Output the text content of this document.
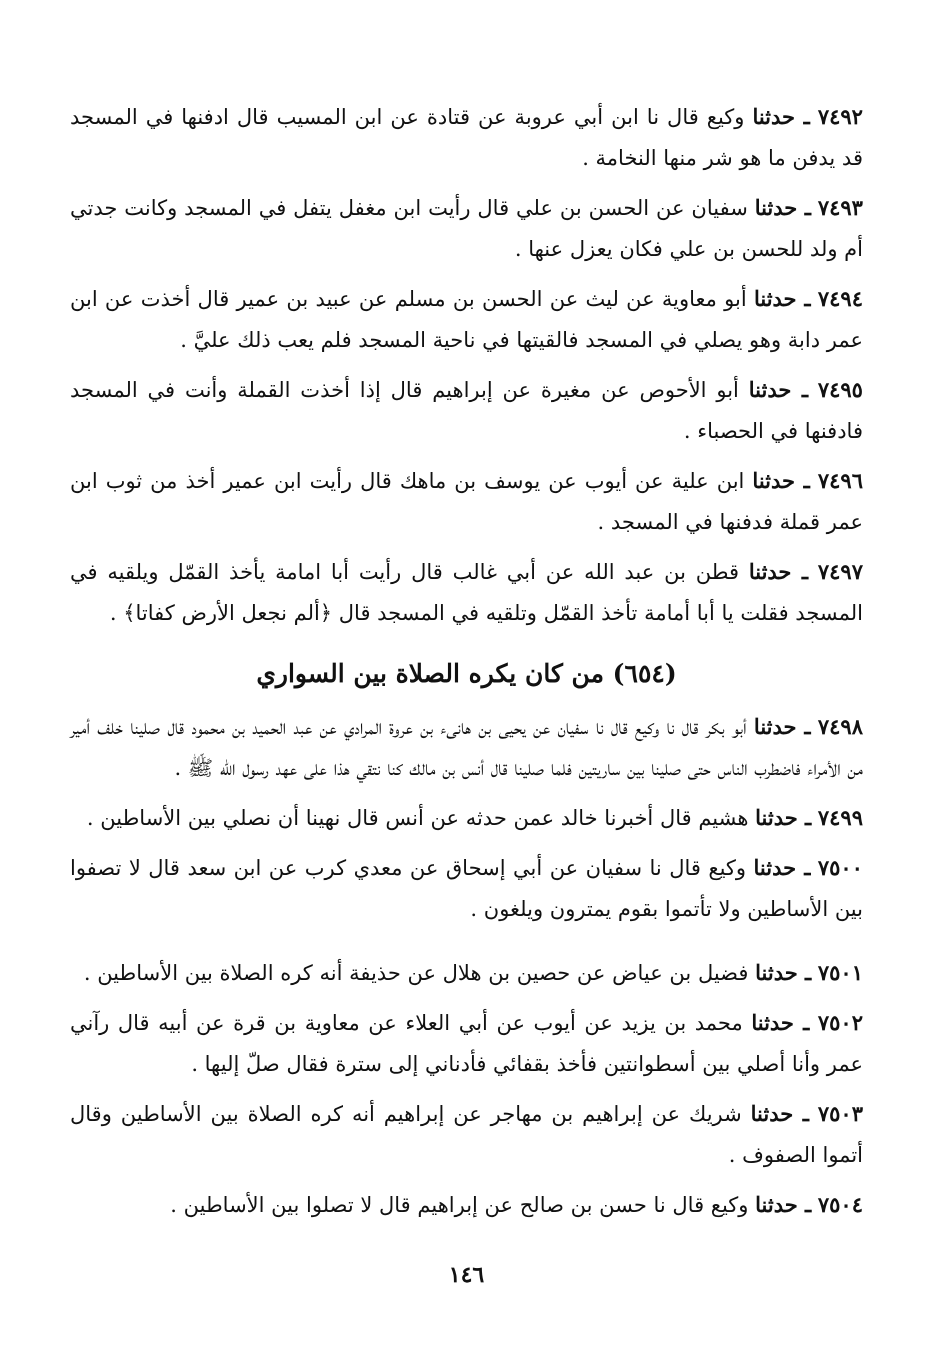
٧٤٩٢ ـ حدثنا وكيع قال نا ابن أبي عروبة عن قتادة عن ابن المسيب قال ادفنها في المسجد قد يدفن ما هو شر منها النخامة .

٧٤٩٣ ـ حدثنا سفيان عن الحسن بن علي قال رأيت ابن مغفل يتفل في المسجد وكانت جدتي أم ولد للحسن بن علي فكان يعزل عنها .

٧٤٩٤ ـ حدثنا أبو معاوية عن ليث عن الحسن بن مسلم عن عبيد بن عمير قال أخذت عن ابن عمر دابة وهو يصلي في المسجد فالقيتها في ناحية المسجد فلم يعب ذلك عليَّ .

٧٤٩٥ ـ حدثنا أبو الأحوص عن مغيرة عن إبراهيم قال إذا أخذت القملة وأنت في المسجد فادفنها في الحصباء .

٧٤٩٦ ـ حدثنا ابن علية عن أيوب عن يوسف بن ماهك قال رأيت ابن عمير أخذ من ثوب ابن عمر قملة فدفنها في المسجد .

٧٤٩٧ ـ حدثنا قطن بن عبد الله عن أبي غالب قال رأيت أبا امامة يأخذ القمّل ويلقيه في المسجد فقلت يا أبا أمامة تأخذ القمّل وتلقيه في المسجد قال ﴿ألم نجعل الأرض كفاتا﴾ .

(٦٥٤) من كان يكره الصلاة بين السواري

٧٤٩٨ ـ حدثنا أبو بكر قال نا وكيع قال نا سفيان عن يحيى بن هانىء بن عروة المرادي عن عبد الحميد بن محمود قال صلينا خلف أمير من الأمراء فاضطرب الناس حتى صلينا بين ساريتين فلما صلينا قال أنس بن مالك كنا نتقي هذا على عهد رسول الله ﷺ .

٧٤٩٩ ـ حدثنا هشيم قال أخبرنا خالد عمن حدثه عن أنس قال نهينا أن نصلي بين الأساطين .

٧٥٠٠ ـ حدثنا وكيع قال نا سفيان عن أبي إسحاق عن معدي كرب عن ابن سعد قال لا تصفوا بين الأساطين ولا تأتموا بقوم يمترون ويلغون .

٧٥٠١ ـ حدثنا فضيل بن عياض عن حصين بن هلال عن حذيفة أنه كره الصلاة بين الأساطين .

٧٥٠٢ ـ حدثنا محمد بن يزيد عن أيوب عن أبي العلاء عن معاوية بن قرة عن أبيه قال رآني عمر وأنا أصلي بين أسطوانتين فأخذ بقفائي فأدناني إلى سترة فقال صلّ إليها .

٧٥٠٣ ـ حدثنا شريك عن إبراهيم بن مهاجر عن إبراهيم أنه كره الصلاة بين الأساطين وقال أتموا الصفوف .

٧٥٠٤ ـ حدثنا وكيع قال نا حسن بن صالح عن إبراهيم قال لا تصلوا بين الأساطين .

١٤٦
